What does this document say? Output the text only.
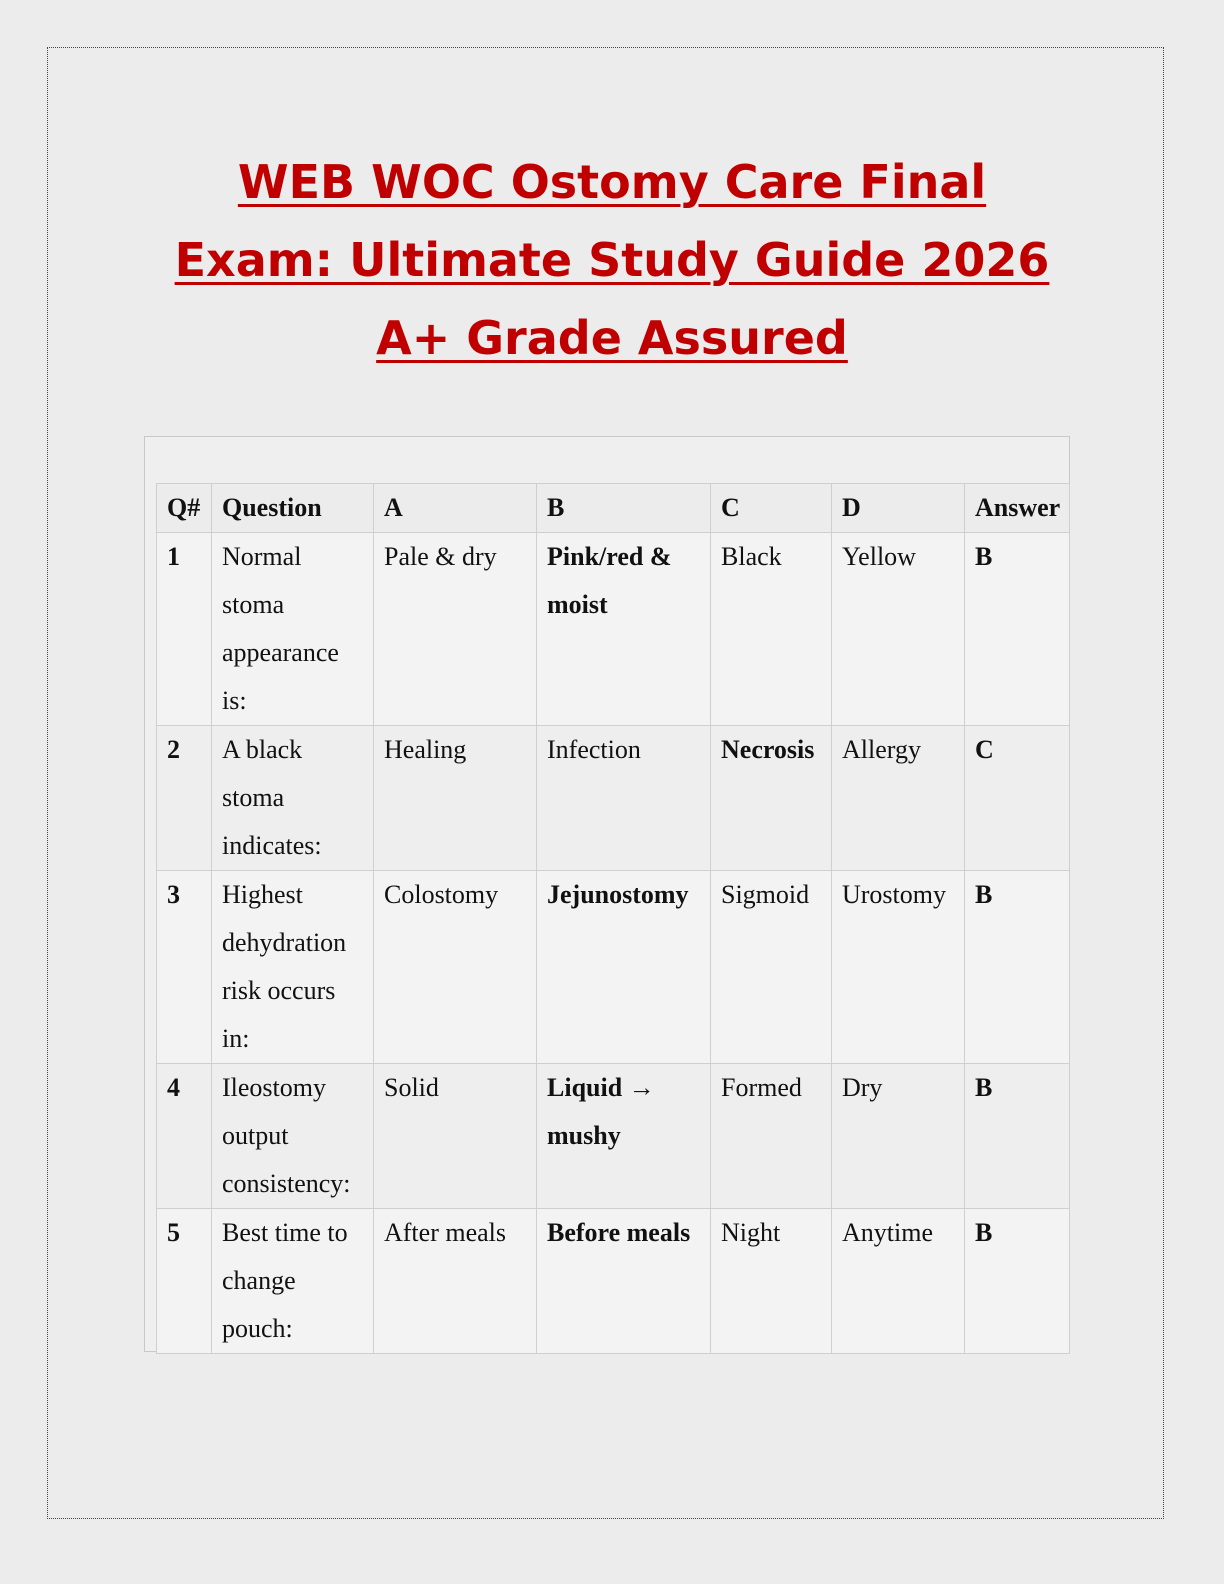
WEB WOC Ostomy Care Final
Exam: Ultimate Study Guide 2026
A+ Grade Assured
Q#	Question	A	B	C	D	Answer
1	Normal stoma appearance is:	Pale & dry	Pink/red & moist	Black	Yellow	B
2	A black stoma indicates:	Healing	Infection	Necrosis	Allergy	C
3	Highest dehydration risk occurs in:	Colostomy	Jejunostomy	Sigmoid	Urostomy	B
4	Ileostomy output consistency:	Solid	Liquid → mushy	Formed	Dry	B
5	Best time to change pouch:	After meals	Before meals	Night	Anytime	B
